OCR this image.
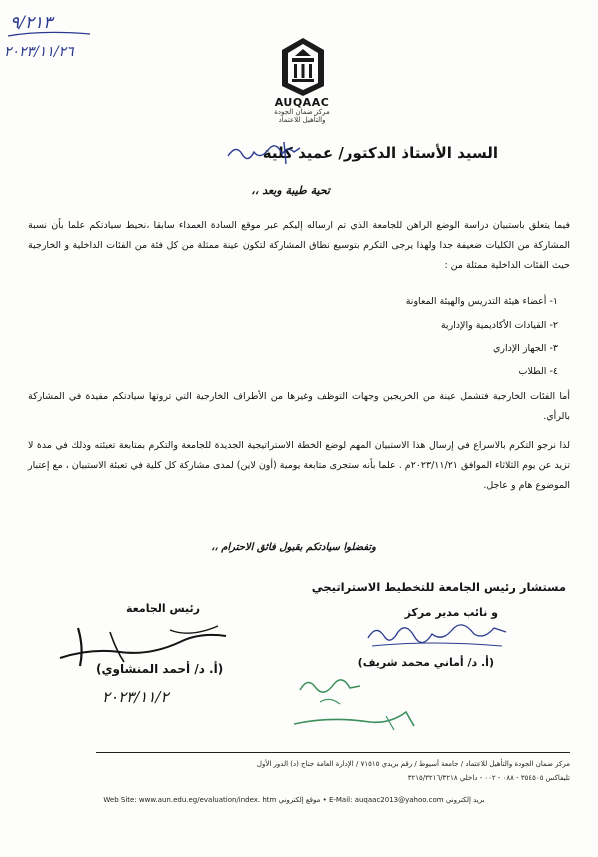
٩/٢١٣
٢٠٢٣/١١/٢٦
AUQAAC
مركز ضمان الجودة والتأهيل للاعتماد
السيد الأستاذ الدكتور/ عميد كلية
تحية طيبة وبعد ،،
فيما يتعلق باستبيان دراسة الوضع الراهن للجامعة الذي تم ارساله إليكم عبر موقع السادة العمداء سابقا ،نحيط سيادتكم علما بأن نسبة المشاركة من الكليات ضعيفة جدا ولهذا يرجى التكرم بتوسيع نطاق المشاركة لتكون عينة ممثلة من كل فئة من الفئات الداخلية و الخارجية حيث الفئات الداخلية ممثلة من :
١- أعضاء هيئة التدريس والهيئة المعاونة
٢- القيادات الأكاديمية والإدارية
٣- الجهاز الإداري
٤- الطلاب
أما الفئات الخارجية فتشمل عينة من الخريجين وجهات التوظف وغيرها من الأطراف الخارجية التي تروتها سيادتكم مفيدة في المشاركة بالرأي.
لذا نرجو التكرم بالاسراع في إرسال هذا الاستبيان المهم لوضع الخطة الاستراتيجية الجديدة للجامعة والتكرم بمتابعة تعبئته وذلك في مدة لا تزيد عن يوم الثلاثاء الموافق ٢٠٢٣/١١/٢١م . علما بأنه ستجرى متابعة يومية (أون لاين) لمدى مشاركة كل كلية في تعبئة الاستبيان ، مع إعتبار الموضوع هام و عاجل.
وتفضلوا سيادتكم بقبول فائق الاحترام ،،
مستشار رئيس الجامعة للتخطيط الاستراتيجي
و نائب مدير مركز
(أ. د/ أماني محمد شريف)
رئيس الجامعة
(أ. د/ أحمد المنشاوي)
٢٠٢٣/١١/٢
مركز ضمان الجودة والتأهيل للاعتماد / جامعة أسيوط / رقم بريدي ٧١٥١٥ / الإدارة العامة جناح (د) الدور الأول
تليفاكس ٣٥٤٥٠٥ - ٠٨٨ - ٠٠٢ - داخلي ٣٢١٥/٣٢١٦/٣٢١٨
Web Site: www.aun.edu.eg/evaluation/index. htm موقع إلكتروني • E-Mail: auqaac2013@yahoo.com بريد إلكتروني
